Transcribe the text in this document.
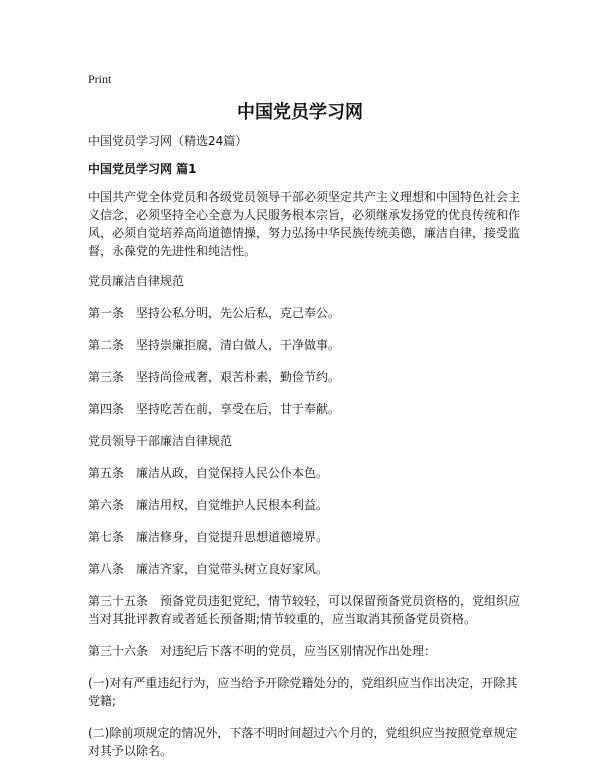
Print
中国党员学习网

中国党员学习网（精选24篇）

中国党员学习网 篇1

中国共产党全体党员和各级党员领导干部必须坚定共产主义理想和中国特色社会主义信念，必须坚持全心全意为人民服务根本宗旨，必须继承发扬党的优良传统和作风，必须自觉培养高尚道德情操，努力弘扬中华民族传统美德，廉洁自律，接受监督，永葆党的先进性和纯洁性。

党员廉洁自律规范

第一条　坚持公私分明，先公后私，克己奉公。

第二条　坚持崇廉拒腐，清白做人，干净做事。

第三条　坚持尚俭戒奢，艰苦朴素，勤俭节约。

第四条　坚持吃苦在前，享受在后，甘于奉献。

党员领导干部廉洁自律规范

第五条　廉洁从政，自觉保持人民公仆本色。

第六条　廉洁用权，自觉维护人民根本利益。

第七条　廉洁修身，自觉提升思想道德境界。

第八条　廉洁齐家，自觉带头树立良好家风。

第三十五条　预备党员违犯党纪，情节较轻，可以保留预备党员资格的，党组织应当对其批评教育或者延长预备期;情节较重的，应当取消其预备党员资格。

第三十六条　对违纪后下落不明的党员，应当区别情况作出处理：

(一)对有严重违纪行为，应当给予开除党籍处分的，党组织应当作出决定，开除其党籍;

(二)除前项规定的情况外，下落不明时间超过六个月的，党组织应当按照党章规定对其予以除名。
